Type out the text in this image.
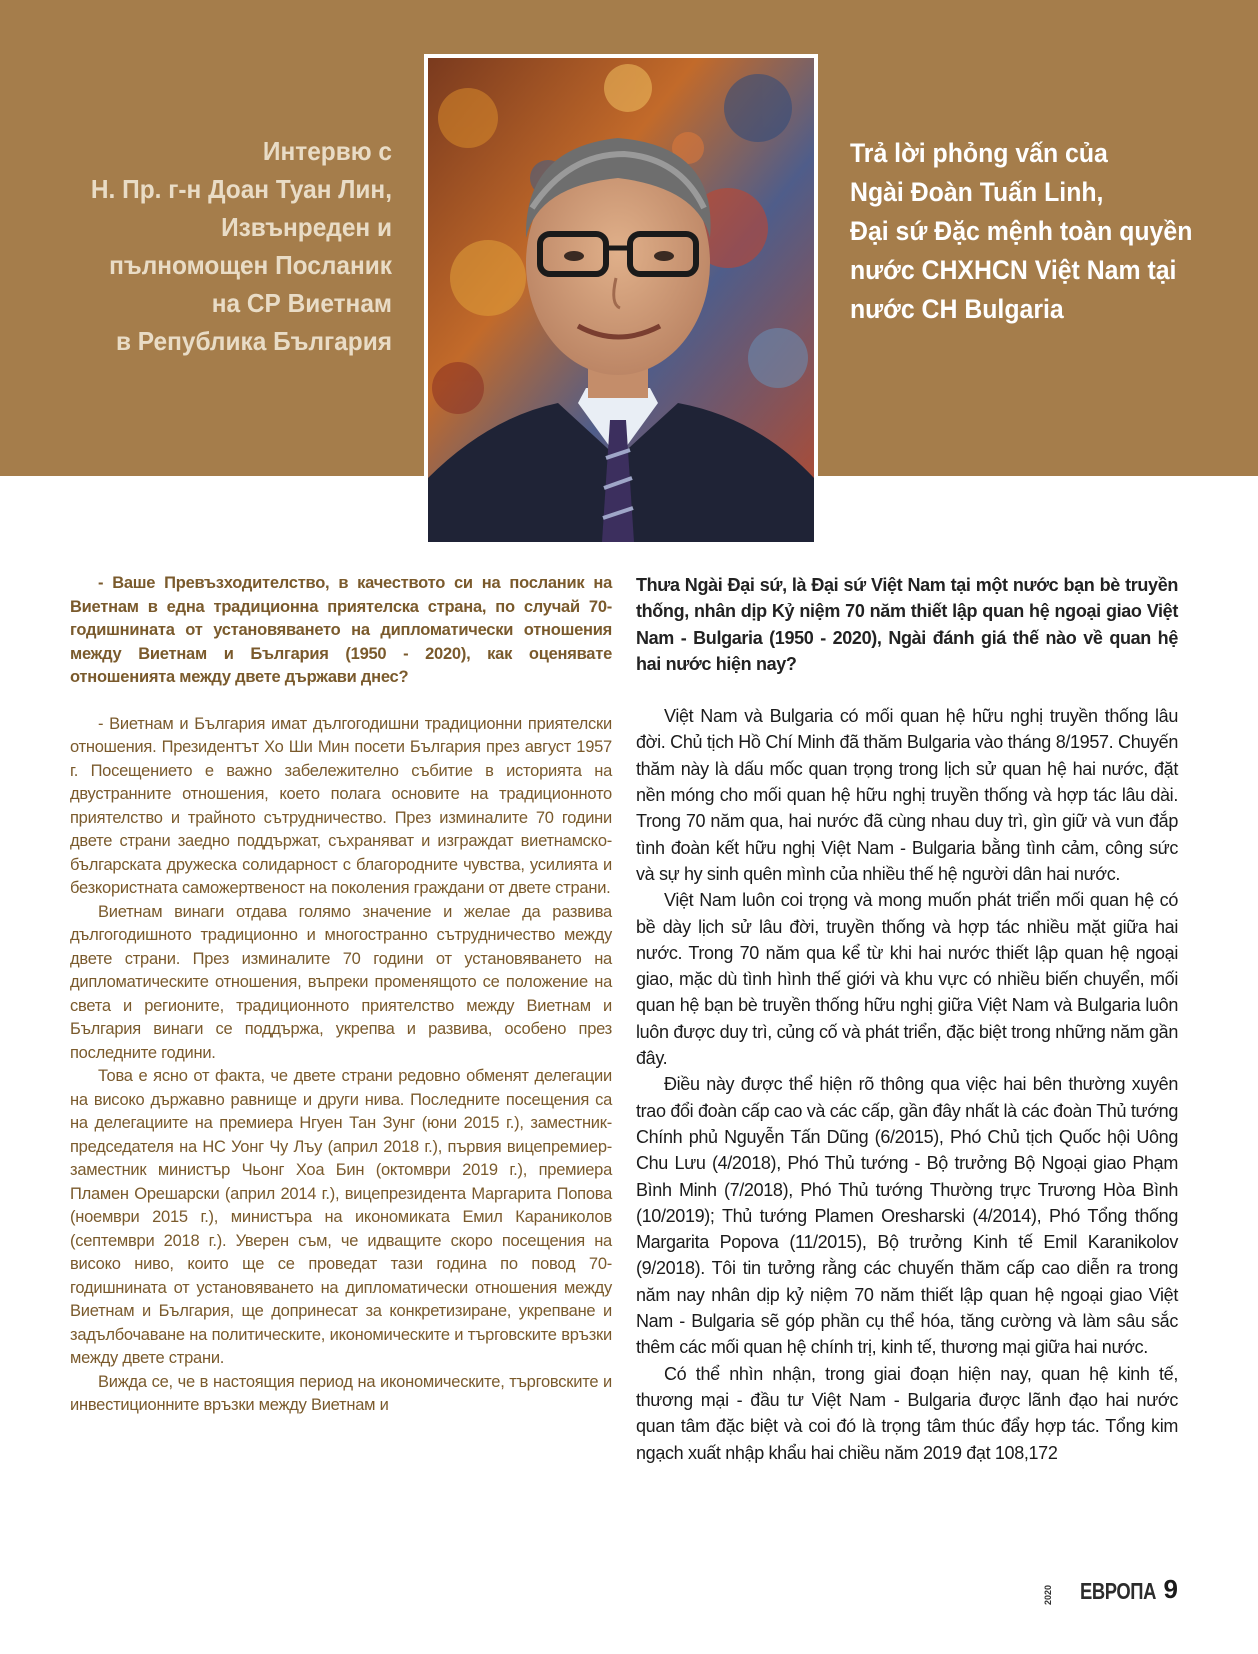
Интервю с
Н. Пр. г-н Доан Туан Лин,
Извънреден и
пълномощен Посланик
на СР Виетнам
в Република България
Trả lời phỏng vấn của
Ngài Đoàn Tuấn Linh,
Đại sứ Đặc mệnh toàn quyền
nước CHXHCN Việt Nam tại
nước CH Bulgaria

- Ваше Превъзходителство, в качеството си на посланик на Виетнам в една традиционна приятелска страна, по случай 70-годишнината от установяването на дипломатически отношения между Виетнам и България (1950 - 2020), как оценявате отношенията между двете държави днес?

- Виетнам и България имат дългогодишни традиционни приятелски отношения. Президентът Хо Ши Мин посети България през август 1957 г. Посещението е важно забележително събитие в историята на двустранните отношения, което полага основите на традиционното приятелство и трайното сътрудничество. През изминалите 70 години двете страни заедно поддържат, съхраняват и изграждат виетнамско-българската дружеска солидарност с благородните чувства, усилията и безкористната саможертвеност на поколения граждани от двете страни.

Виетнам винаги отдава голямо значение и желае да развива дългогодишното традиционно и многостранно сътрудничество между двете страни. През изминалите 70 години от установяването на дипломатическите отношения, въпреки променящото се положение на света и регионите, традиционното приятелство между Виетнам и България винаги се поддържа, укрепва и развива, особено през последните години.

Това е ясно от факта, че двете страни редовно обменят делегации на високо държавно равнище и други нива. Последните посещения са на делегациите на премиера Нгуен Тан Зунг (юни 2015 г.), заместник-председателя на НС Уонг Чу Лъу (април 2018 г.), първия вицепремиер-заместник министър Чьонг Хоа Бин (октомври 2019 г.), премиера Пламен Орешарски (април 2014 г.), вицепрезидента Маргарита Попова (ноември 2015 г.), министъра на икономиката Емил Караниколов (септември 2018 г.). Уверен съм, че идващите скоро посещения на високо ниво, които ще се проведат тази година по повод 70-годишнината от установяването на дипломатически отношения между Виетнам и България, ще допринесат за конкретизиране, укрепване и задълбочаване на политическите, икономическите и търговските връзки между двете страни.

Вижда се, че в настоящия период на икономическите, търговските и инвестиционните връзки между Виетнам и

Thưa Ngài Đại sứ, là Đại sứ Việt Nam tại một nước bạn bè truyền thống, nhân dịp Kỷ niệm 70 năm thiết lập quan hệ ngoại giao Việt Nam - Bulgaria (1950 - 2020), Ngài đánh giá thế nào về quan hệ hai nước hiện nay?

Việt Nam và Bulgaria có mối quan hệ hữu nghị truyền thống lâu đời. Chủ tịch Hồ Chí Minh đã thăm Bulgaria vào tháng 8/1957. Chuyến thăm này là dấu mốc quan trọng trong lịch sử quan hệ hai nước, đặt nền móng cho mối quan hệ hữu nghị truyền thống và hợp tác lâu dài. Trong 70 năm qua, hai nước đã cùng nhau duy trì, gìn giữ và vun đắp tình đoàn kết hữu nghị Việt Nam - Bulgaria bằng tình cảm, công sức và sự hy sinh quên mình của nhiều thế hệ người dân hai nước.

Việt Nam luôn coi trọng và mong muốn phát triển mối quan hệ có bề dày lịch sử lâu đời, truyền thống và hợp tác nhiều mặt giữa hai nước. Trong 70 năm qua kể từ khi hai nước thiết lập quan hệ ngoại giao, mặc dù tình hình thế giới và khu vực có nhiều biến chuyển, mối quan hệ bạn bè truyền thống hữu nghị giữa Việt Nam và Bulgaria luôn luôn được duy trì, củng cố và phát triển, đặc biệt trong những năm gần đây.

Điều này được thể hiện rõ thông qua việc hai bên thường xuyên trao đổi đoàn cấp cao và các cấp, gần đây nhất là các đoàn Thủ tướng Chính phủ Nguyễn Tấn Dũng (6/2015), Phó Chủ tịch Quốc hội Uông Chu Lưu (4/2018), Phó Thủ tướng - Bộ trưởng Bộ Ngoại giao Phạm Bình Minh (7/2018), Phó Thủ tướng Thường trực Trương Hòa Bình (10/2019); Thủ tướng Plamen Oresharski (4/2014), Phó Tổng thống Margarita Popova (11/2015), Bộ trưởng Kinh tế Emil Karanikolov (9/2018). Tôi tin tưởng rằng các chuyến thăm cấp cao diễn ra trong năm nay nhân dịp kỷ niệm 70 năm thiết lập quan hệ ngoại giao Việt Nam - Bulgaria sẽ góp phần cụ thể hóa, tăng cường và làm sâu sắc thêm các mối quan hệ chính trị, kinh tế, thương mại giữa hai nước.

Có thể nhìn nhận, trong giai đoạn hiện nay, quan hệ kinh tế, thương mại - đầu tư Việt Nam - Bulgaria được lãnh đạo hai nước quan tâm đặc biệt và coi đó là trọng tâm thúc đẩy hợp tác. Tổng kim ngạch xuất nhập khẩu hai chiều năm 2019 đạt 108,172

2020 ЕВРОПА 9
